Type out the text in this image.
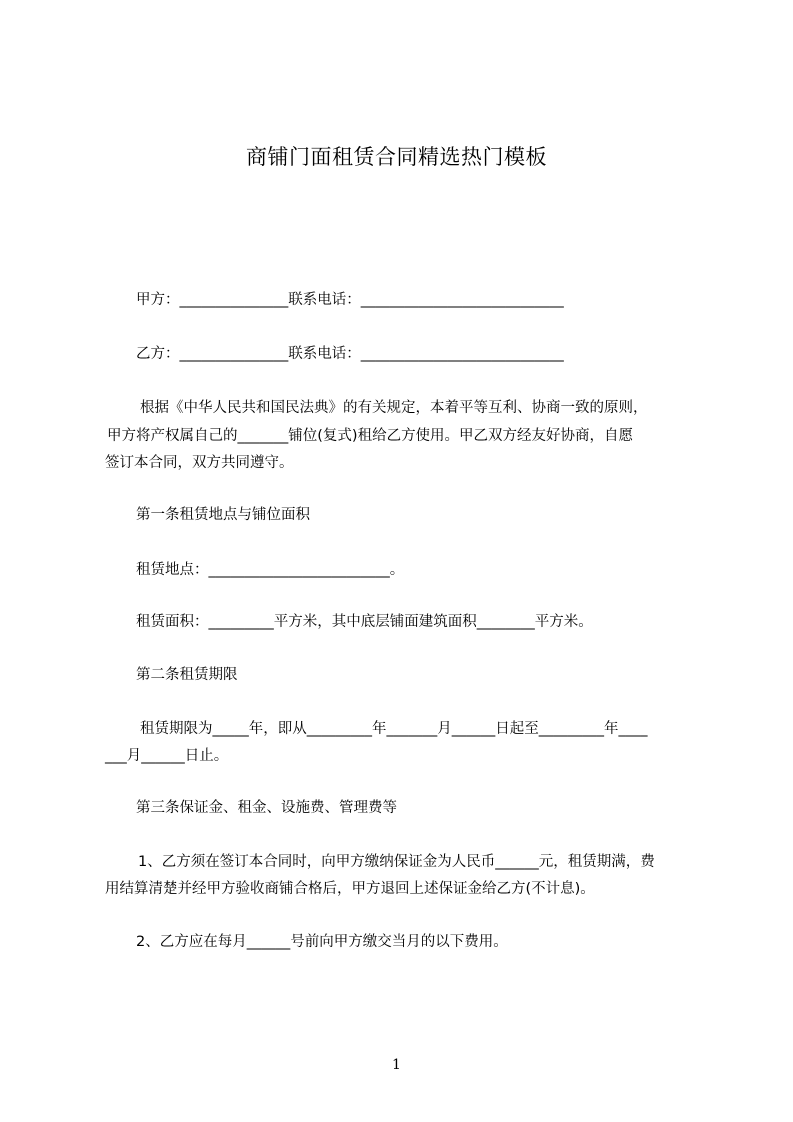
商铺门面租赁合同精选热门模板
甲方：_______________联系电话：____________________________
乙方：_______________联系电话：____________________________
根据《中华人民共和国民法典》的有关规定，本着平等互利、协商一致的原则，
甲方将产权属自己的_______铺位(复式)租给乙方使用。甲乙双方经友好协商，自愿
签订本合同，双方共同遵守。
第一条租赁地点与铺位面积
租赁地点：_________________________。
租赁面积：_________平方米，其中底层铺面建筑面积________平方米。
第二条租赁期限
租赁期限为_____年，即从_________年_______月______日起至_________年____
___月______日止。
第三条保证金、租金、设施费、管理费等
1、乙方须在签订本合同时，向甲方缴纳保证金为人民币______元，租赁期满，费
用结算清楚并经甲方验收商铺合格后，甲方退回上述保证金给乙方(不计息)。
2、乙方应在每月______号前向甲方缴交当月的以下费用。
1
